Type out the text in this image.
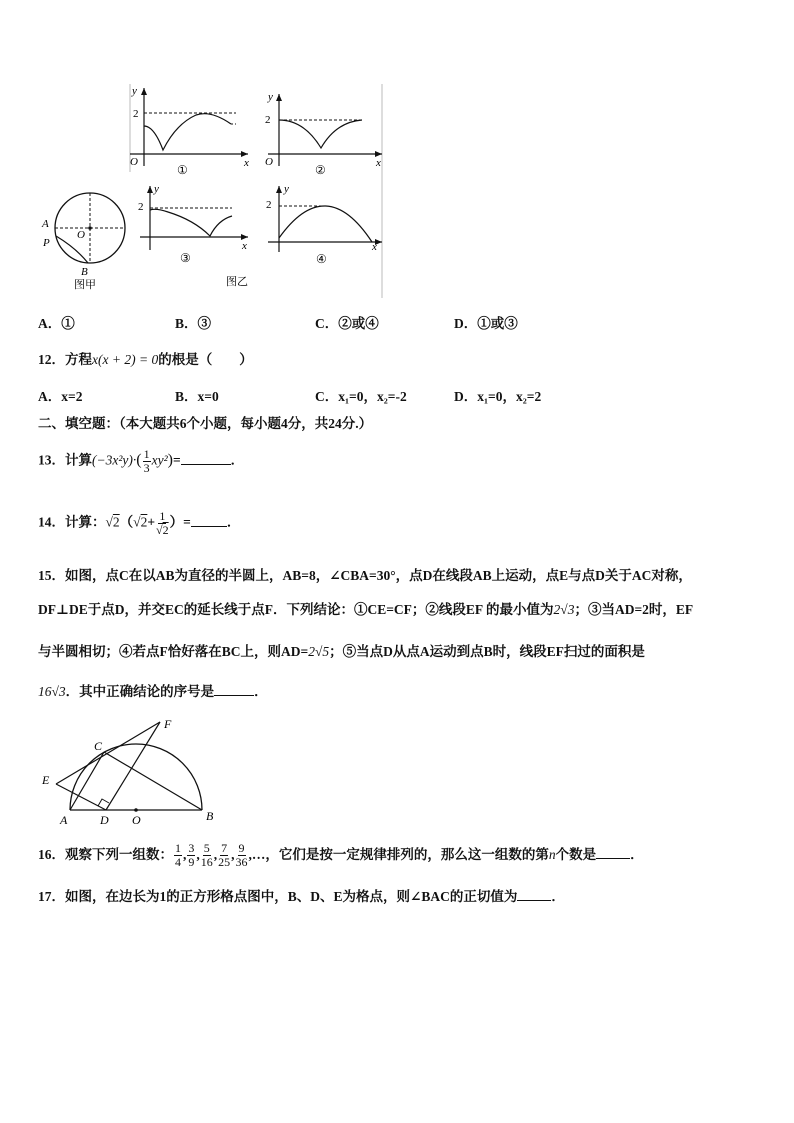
y
2
O	x
①
y
2
O	x
②
A
P
O
B
图甲
y
2
x
③
y
2
x
④
图乙
A．①	B．③	C．②或④	D．①或③
12．方程x(x + 2) = 0的根是（　　）
A．x=2	B．x=0	C．x₁=0，x₂=-2	D．x₁=0，x₂=2
二、填空题：（本大题共6个小题，每小题4分，共24分.）
13．计算$(-3x^2y)\cdot( \frac{1}{3} xy^2)=$	．
14．计算：$√2(√2+ \frac{1}{√2}$ ）=	．
15．如图，点C在以AB为直径的半圆上，AB=8，∠CBA=30°，点D在线段AB上运动，点E与点D关于AC对称，
DF⊥DE于点D，并交EC的延长线于点F．下列结论：①CE=CF；②线段EF 的最小值为2√3；③当AD=2时，EF
与半圆相切；④若点F恰好落在BC上，则AD=2√5；⑤当点D从点A运动到点B时，线段EF扫过的面积是
16√3．其中正确结论的序号是	．
F
C
E
A	D O	B
16．观察下列一组数： $\frac{1}{4}$ , $\frac{3}{9}$ , $\frac{5}{16}$ , $\frac{7}{25}$ , $\frac{9}{36}$ ,…，它们是按一定规律排列的，那么这一组数的第n个数是	．
17．如图，在边长为1的正方形格点图中，B、D、E为格点，则∠BAC的正切值为	．
